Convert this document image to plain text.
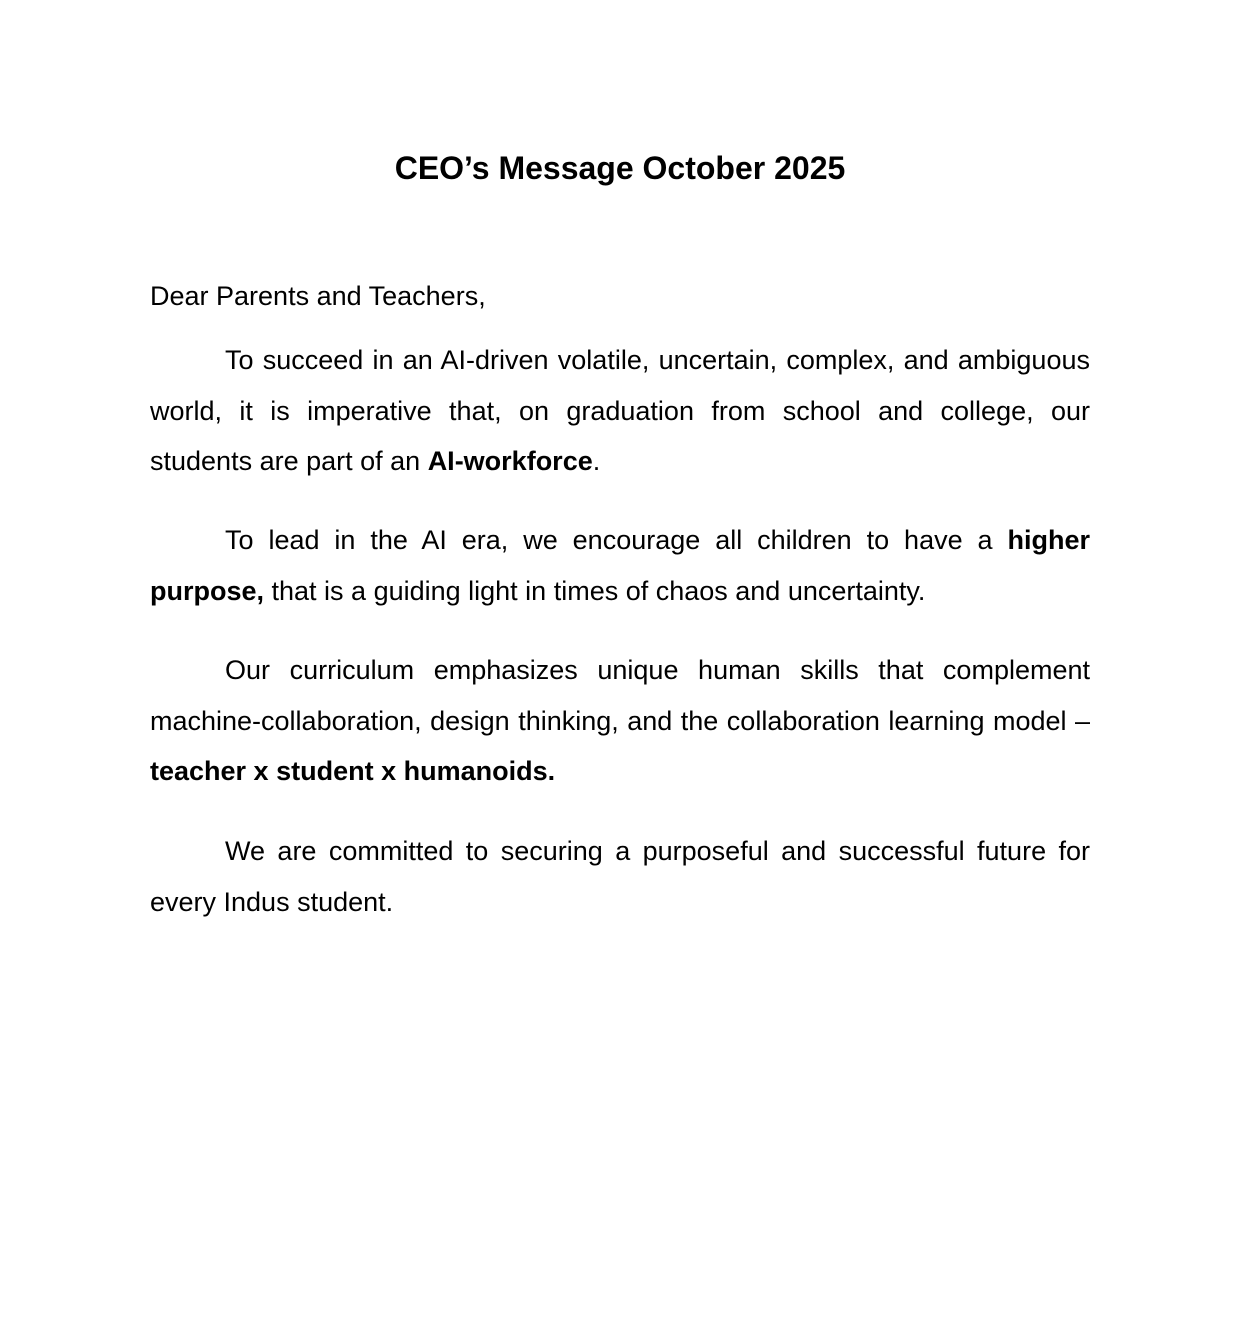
CEO’s Message October 2025

Dear Parents and Teachers,

To succeed in an AI-driven volatile, uncertain, complex, and ambiguous world, it is imperative that, on graduation from school and college, our students are part of an AI-workforce.

To lead in the AI era, we encourage all children to have a higher purpose, that is a guiding light in times of chaos and uncertainty.

Our curriculum emphasizes unique human skills that complement machine-collaboration, design thinking, and the collaboration learning model – teacher x student x humanoids.

We are committed to securing a purposeful and successful future for every Indus student.
